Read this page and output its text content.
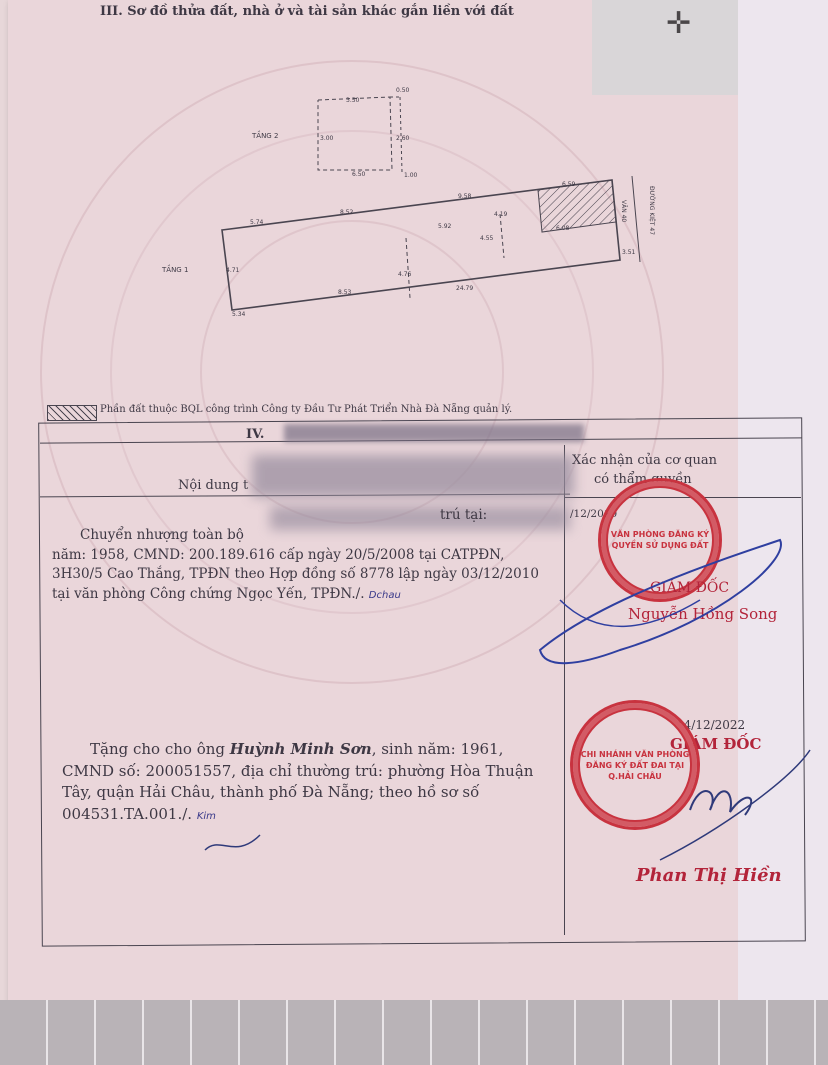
III. Sơ đồ thửa đất, nhà ở và tài sản khác gắn liền với đất	✛
TẦNG 2
TẦNG 1
3.50
0.50
6.50	1.00
3.00	2.60
5.74
8.52
9.58
6.59
5.92
4.19
6.08
8.53
24.79
5.34
4.71
4.76
4.55
3.51
ĐƯỜNG KIỆT 47
VĂN 40
Phần đất thuộc BQL công trình Công ty Đầu Tư Phát Triển Nhà Đà Nẵng quản lý.
IV.
Nội dung t
Xác nhận của cơ quan
có thẩm quyền
Chuyển nhượng toàn bộ
năm: 1958, CMND: 200.189.616 cấp ngày 20/5/2008 tại CATPĐN,
3H30/5 Cao Thắng, TPĐN theo Hợp đồng số 8778 lập ngày 03/12/2010
tại văn phòng Công chứng Ngọc Yến, TPĐN./. Dchau
trú tại:	/12/2010
VĂN PHÒNG ĐĂNG KÝ QUYỀN SỬ DỤNG ĐẤT
GIÁM ĐỐC
Nguyễn Hồng Song
Tặng cho cho ông Huỳnh Minh Sơn, sinh năm: 1961,
CMND số: 200051557, địa chỉ thường trú: phường Hòa Thuận
Tây, quận Hải Châu, thành phố Đà Nẵng; theo hồ sơ số
004531.TA.001./. Kim
14/12/2022
GIÁM ĐỐC
CHI NHÁNH VĂN PHÒNG ĐĂNG KÝ ĐẤT ĐAI TẠI Q.HẢI CHÂU
Phan Thị Hiền
